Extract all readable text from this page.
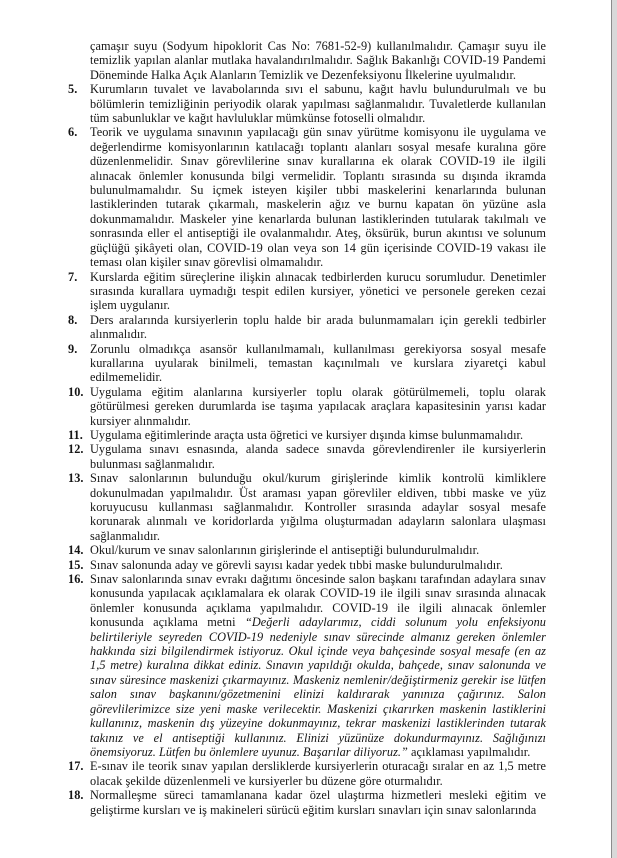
çamaşır suyu (Sodyum hipoklorit Cas No: 7681-52-9) kullanılmalıdır. Çamaşır suyu ile temizlik yapılan alanlar mutlaka havalandırılmalıdır. Sağlık Bakanlığı COVID-19 Pandemi Döneminde Halka Açık Alanların Temizlik ve Dezenfeksiyonu İlkelerine uyulmalıdır.
5. Kurumların tuvalet ve lavabolarında sıvı el sabunu, kağıt havlu bulundurulmalı ve bu bölümlerin temizliğinin periyodik olarak yapılması sağlanmalıdır. Tuvaletlerde kullanılan tüm sabunluklar ve kağıt havluluklar mümkünse fotoselli olmalıdır.
6. Teorik ve uygulama sınavının yapılacağı gün sınav yürütme komisyonu ile uygulama ve değerlendirme komisyonlarının katılacağı toplantı alanları sosyal mesafe kuralına göre düzenlenmelidir. Sınav görevlilerine sınav kurallarına ek olarak COVID-19 ile ilgili alınacak önlemler konusunda bilgi vermelidir. Toplantı sırasında su dışında ikramda bulunulmamalıdır. Su içmek isteyen kişiler tıbbi maskelerini kenarlarında bulunan lastiklerinden tutarak çıkarmalı, maskelerin ağız ve burnu kapatan ön yüzüne asla dokunmamalıdır. Maskeler yine kenarlarda bulunan lastiklerinden tutularak takılmalı ve sonrasında eller el antiseptiği ile ovalanmalıdır. Ateş, öksürük, burun akıntısı ve solunum güçlüğü şikâyeti olan, COVID-19 olan veya son 14 gün içerisinde COVID-19 vakası ile teması olan kişiler sınav görevlisi olmamalıdır.
7. Kurslarda eğitim süreçlerine ilişkin alınacak tedbirlerden kurucu sorumludur. Denetimler sırasında kurallara uymadığı tespit edilen kursiyer, yönetici ve personele gereken cezai işlem uygulanır.
8. Ders aralarında kursiyerlerin toplu halde bir arada bulunmamaları için gerekli tedbirler alınmalıdır.
9. Zorunlu olmadıkça asansör kullanılmamalı, kullanılması gerekiyorsa sosyal mesafe kurallarına uyularak binilmeli, temastan kaçınılmalı ve kurslara ziyaretçi kabul edilmemelidir.
10. Uygulama eğitim alanlarına kursiyerler toplu olarak götürülmemeli, toplu olarak götürülmesi gereken durumlarda ise taşıma yapılacak araçlara kapasitesinin yarısı kadar kursiyer alınmalıdır.
11. Uygulama eğitimlerinde araçta usta öğretici ve kursiyer dışında kimse bulunmamalıdır.
12. Uygulama sınavı esnasında, alanda sadece sınavda görevlendirenler ile kursiyerlerin bulunması sağlanmalıdır.
13. Sınav salonlarının bulunduğu okul/kurum girişlerinde kimlik kontrolü kimliklere dokunulmadan yapılmalıdır. Üst araması yapan görevliler eldiven, tıbbi maske ve yüz koruyucusu kullanması sağlanmalıdır. Kontroller sırasında adaylar sosyal mesafe korunarak alınmalı ve koridorlarda yığılma oluşturmadan adayların salonlara ulaşması sağlanmalıdır.
14. Okul/kurum ve sınav salonlarının girişlerinde el antiseptiği bulundurulmalıdır.
15. Sınav salonunda aday ve görevli sayısı kadar yedek tıbbi maske bulundurulmalıdır.
16. Sınav salonlarında sınav evrakı dağıtımı öncesinde salon başkanı tarafından adaylara sınav konusunda yapılacak açıklamalara ek olarak COVID-19 ile ilgili sınav sırasında alınacak önlemler konusunda açıklama yapılmalıdır. COVID-19 ile ilgili alınacak önlemler konusunda açıklama metni “Değerli adaylarımız, ciddi solunum yolu enfeksiyonu belirtileriyle seyreden COVID-19 nedeniyle sınav sürecinde almanız gereken önlemler hakkında sizi bilgilendirmek istiyoruz. Okul içinde veya bahçesinde sosyal mesafe (en az 1,5 metre) kuralına dikkat ediniz. Sınavın yapıldığı okulda, bahçede, sınav salonunda ve sınav süresince maskenizi çıkarmayınız. Maskeniz nemlenir/değiştirmeniz gerekir ise lütfen salon sınav başkanını/gözetmenini elinizi kaldırarak yanınıza çağırınız. Salon görevlilerimizce size yeni maske verilecektir. Maskenizi çıkarırken maskenin lastiklerini kullanınız, maskenin dış yüzeyine dokunmayınız, tekrar maskenizi lastiklerinden tutarak takınız ve el antiseptiği kullanınız. Elinizi yüzünüze dokundurmayınız. Sağlığınızı önemsiyoruz. Lütfen bu önlemlere uyunuz. Başarılar diliyoruz.” açıklaması yapılmalıdır.
17. E-sınav ile teorik sınav yapılan dersliklerde kursiyerlerin oturacağı sıralar en az 1,5 metre olacak şekilde düzenlenmeli ve kursiyerler bu düzene göre oturmalıdır.
18. Normalleşme süreci tamamlanana kadar özel ulaştırma hizmetleri mesleki eğitim ve geliştirme kursları ve iş makineleri sürücü eğitim kursları sınavları için sınav salonlarında
